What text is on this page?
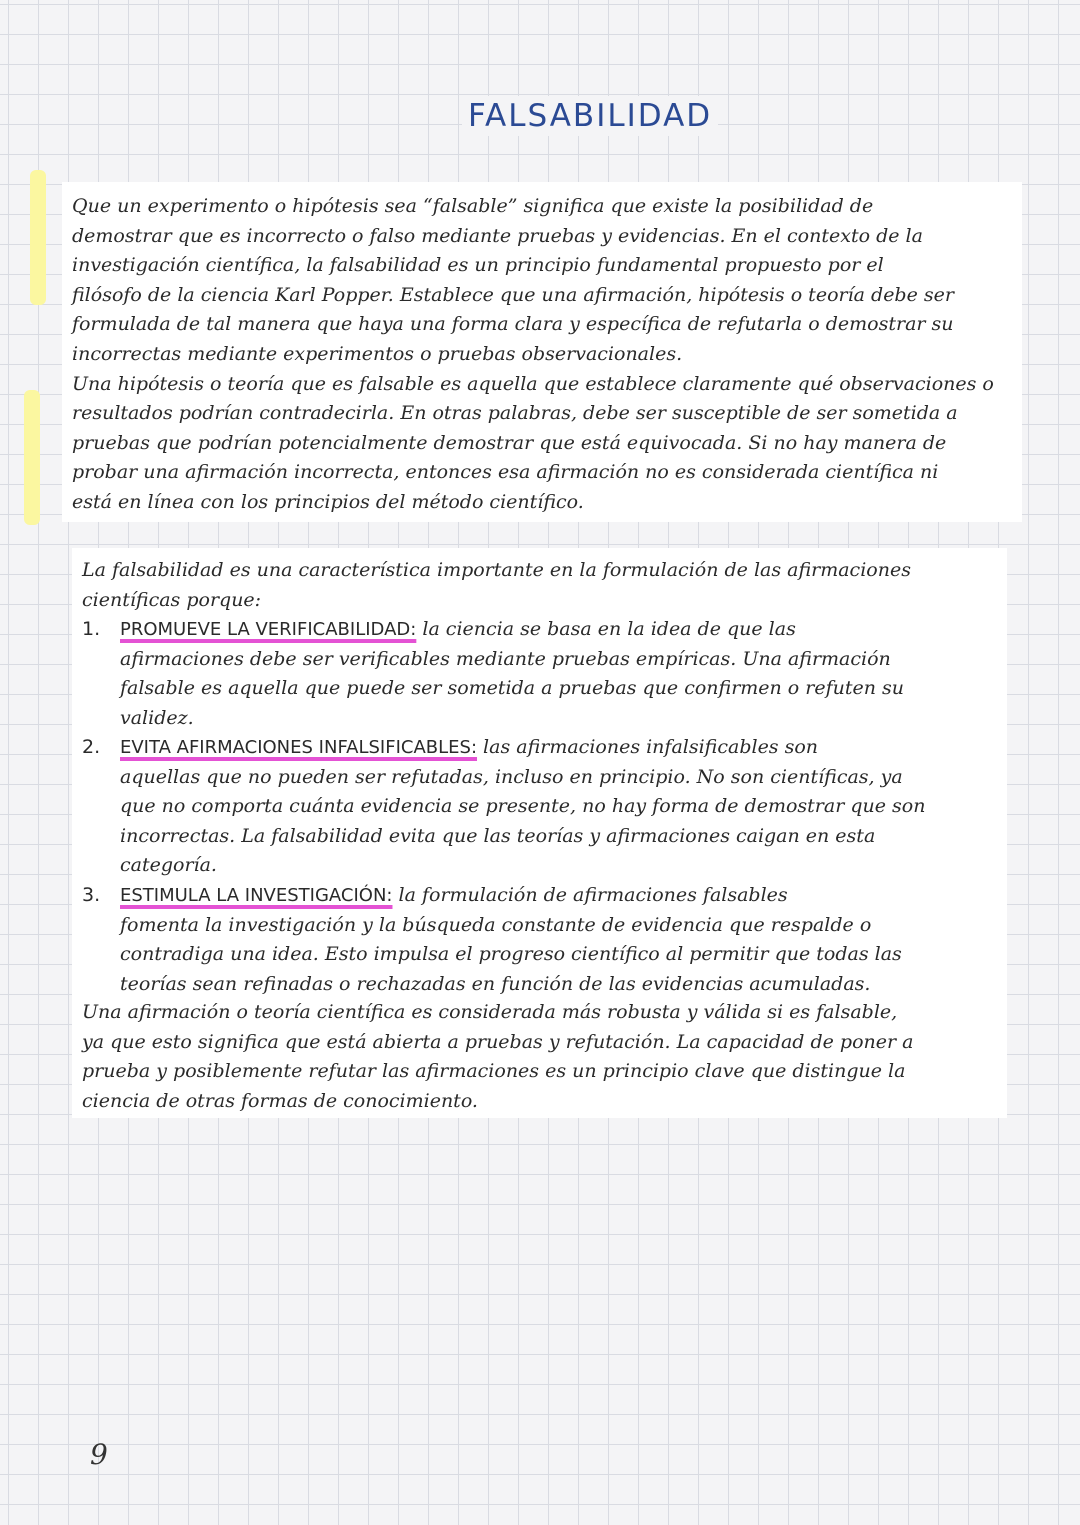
FALSABILIDAD

Que un experimento o hipótesis sea “falsable” significa que existe la posibilidad de
demostrar que es incorrecto o falso mediante pruebas y evidencias. En el contexto de la
investigación científica, la falsabilidad es un principio fundamental propuesto por el
filósofo de la ciencia Karl Popper. Establece que una afirmación, hipótesis o teoría debe ser
formulada de tal manera que haya una forma clara y específica de refutarla o demostrar su
incorrectas mediante experimentos o pruebas observacionales.
Una hipótesis o teoría que es falsable es aquella que establece claramente qué observaciones o
resultados podrían contradecirla. En otras palabras, debe ser susceptible de ser sometida a
pruebas que podrían potencialmente demostrar que está equivocada. Si no hay manera de
probar una afirmación incorrecta, entonces esa afirmación no es considerada científica ni
está en línea con los principios del método científico.

La falsabilidad es una característica importante en la formulación de las afirmaciones
científicas porque:

1. PROMUEVE LA VERIFICABILIDAD: la ciencia se basa en la idea de que las
afirmaciones debe ser verificables mediante pruebas empíricas. Una afirmación
falsable es aquella que puede ser sometida a pruebas que confirmen o refuten su
validez.

2. EVITA AFIRMACIONES INFALSIFICABLES: las afirmaciones infalsificables son
aquellas que no pueden ser refutadas, incluso en principio. No son científicas, ya
que no comporta cuánta evidencia se presente, no hay forma de demostrar que son
incorrectas. La falsabilidad evita que las teorías y afirmaciones caigan en esta
categoría.

3. ESTIMULA LA INVESTIGACIÓN: la formulación de afirmaciones falsables
fomenta la investigación y la búsqueda constante de evidencia que respalde o
contradiga una idea. Esto impulsa el progreso científico al permitir que todas las
teorías sean refinadas o rechazadas en función de las evidencias acumuladas.

Una afirmación o teoría científica es considerada más robusta y válida si es falsable,
ya que esto significa que está abierta a pruebas y refutación. La capacidad de poner a
prueba y posiblemente refutar las afirmaciones es un principio clave que distingue la
ciencia de otras formas de conocimiento.

9
